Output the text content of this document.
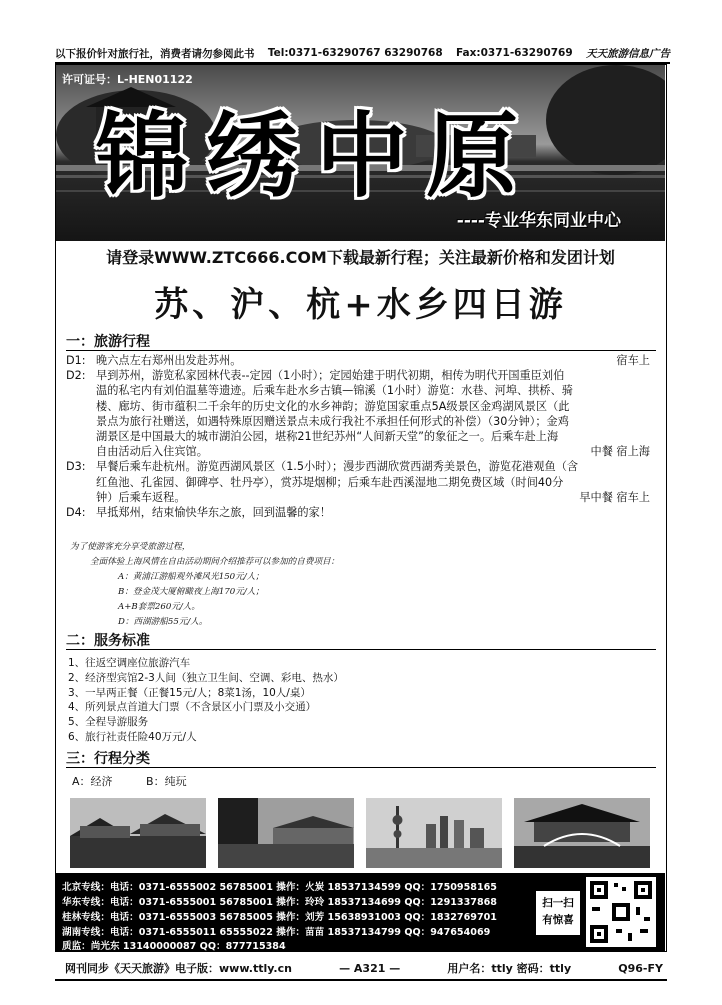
以下报价针对旅行社，消费者请勿参阅此书 Tel:0371-63290767 63290768 Fax:0371-63290769 天天旅游信息广告
许可证号：L-HEN01122
锦绣中原
----专业华东同业中心
请登录WWW.ZTC666.COM下载最新行程；关注最新价格和发团计划
苏、沪、杭+水乡四日游
一：旅游行程
D1: 晚六点左右郑州出发赴苏州。	宿车上
D2: 早到苏州，游览私家园林代表--定园（1小时）；定园始建于明代初期，相传为明代开国重臣刘伯
温的私宅内有刘伯温墓等遗迹。后乘车赴水乡古镇—锦溪（1小时）游览：水巷、河埠、拱桥、骑
楼、廊坊、街市蕴积二千余年的历史文化的水乡神韵；游览国家重点5A级景区金鸡湖风景区（此
景点为旅行社赠送，如遇特殊原因赠送景点未成行我社不承担任何形式的补偿）（30分钟）；金鸡
湖景区是中国最大的城市湖泊公园，堪称21世纪苏州“人间新天堂”的象征之一。后乘车赴上海
自由活动后入住宾馆。	中餐 宿上海
D3: 早餐后乘车赴杭州。游览西湖风景区（1.5小时）；漫步西湖欣赏西湖秀美景色，游览花港观鱼（含
红鱼池、孔雀园、御碑亭、牡丹亭），赏苏堤烟柳；后乘车赴西溪湿地二期免费区域（时间40分
钟）后乘车返程。	早中餐 宿车上
D4: 早抵郑州，结束愉快华东之旅，回到温馨的家！
为了使游客充分享受旅游过程，
全面体验上海风情在自由活动期间介绍推荐可以参加的自费项目：
A：黄浦江游船观外滩风光150元/人；
B：登金茂大厦俯瞰夜上海170元/人；
A+B套票260元/人。
D：西湖游船55元/人。
二：服务标准
1、往返空调座位旅游汽车
2、经济型宾馆2-3人间（独立卫生间、空调、彩电、热水）
3、一早两正餐（正餐15元/人；8菜1汤，10人/桌）
4、所列景点首道大门票（不含景区小门票及小交通）
5、全程导游服务
6、旅行社责任险40万元/人
三：行程分类
A：经济	B：纯玩
北京专线：电话：0371-6555002 56785001 操作：火炭 18537134599 QQ：1750958165
华东专线：电话：0371-6555001 56785001 操作：玲玲 18537134699 QQ：1291337868
桂林专线：电话：0371-6555003 56785005 操作：刘芳 15638931003 QQ：1832769701
湖南专线：电话：0371-6555011 65555022 操作：苗苗 18537134799 QQ：947654069
质监：尚光东 13140000087 QQ：877715384
扫一扫
有惊喜
网刊同步《天天旅游》电子版：www.ttly.cn	— A321 —	用户名：ttly 密码：ttly	Q96-FY
